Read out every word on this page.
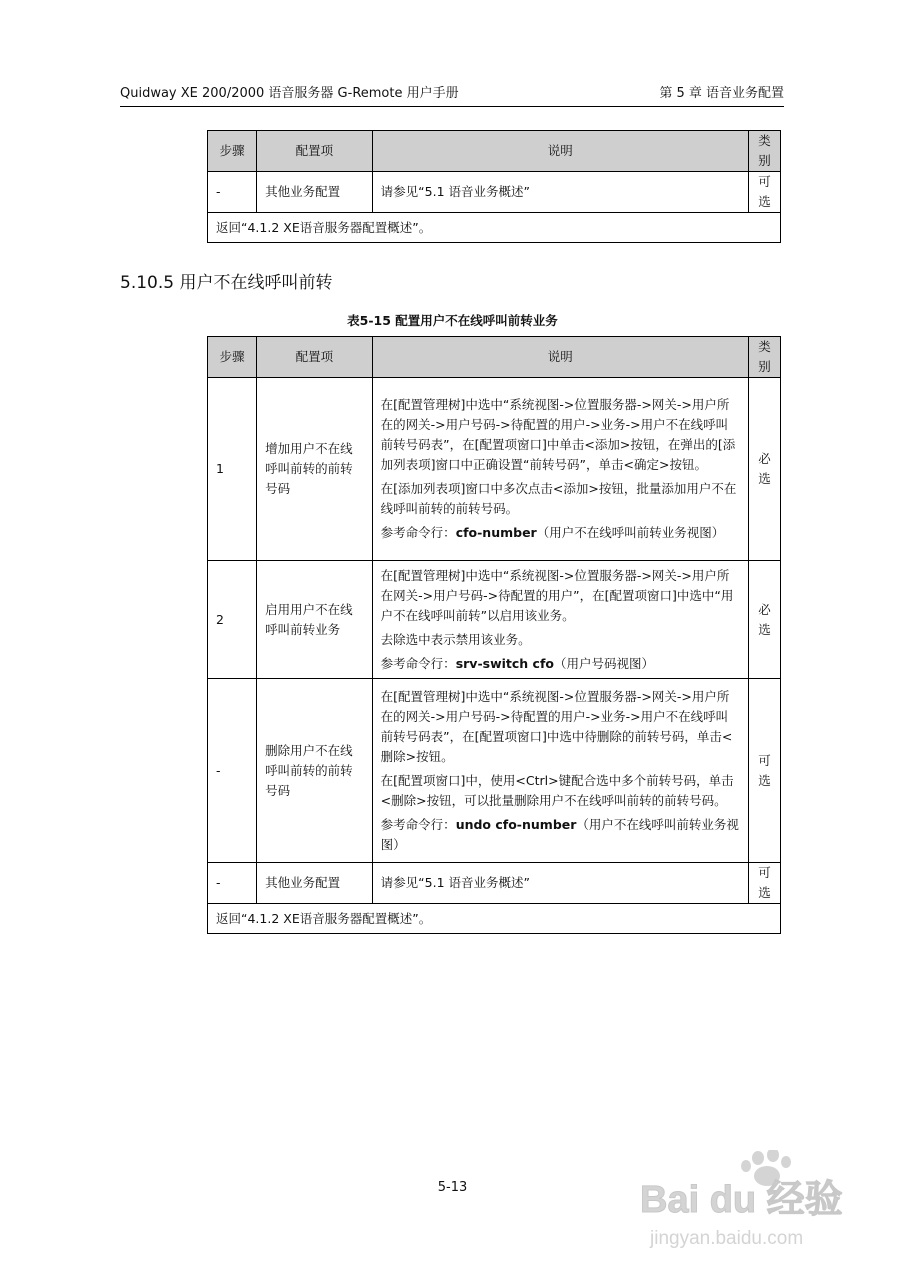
Quidway XE 200/2000 语音服务器 G-Remote 用户手册	第 5 章 语音业务配置
步骤	配置项	说明	类别
-	其他业务配置	请参见“5.1 语音业务概述”	可选
返回“4.1.2 XE语音服务器配置概述”。			
5.10.5 用户不在线呼叫前转
表5-15 配置用户不在线呼叫前转业务
步骤	配置项	说明	类别
1	增加用户不在线呼叫前转的前转号码	在[配置管理树]中选中“系统视图->位置服务器->网关->用户所在的网关->用户号码->待配置的用户->业务->用户不在线呼叫前转号码表”，在[配置项窗口]中单击<添加>按钮，在弹出的[添加列表项]窗口中正确设置“前转号码”，单击<确定>按钮。

在[添加列表项]窗口中多次点击<添加>按钮，批量添加用户不在线呼叫前转的前转号码。

参考命令行：cfo-number（用户不在线呼叫前转业务视图）	必选
2	启用用户不在线呼叫前转业务	在[配置管理树]中选中“系统视图->位置服务器->网关->用户所在网关->用户号码->待配置的用户”，在[配置项窗口]中选中“用户不在线呼叫前转”以启用该业务。

去除选中表示禁用该业务。

参考命令行：srv-switch cfo（用户号码视图）	必选
-	删除用户不在线呼叫前转的前转号码	在[配置管理树]中选中“系统视图->位置服务器->网关->用户所在的网关->用户号码->待配置的用户->业务->用户不在线呼叫前转号码表”，在[配置项窗口]中选中待删除的前转号码，单击<删除>按钮。

在[配置项窗口]中，使用<Ctrl>键配合选中多个前转号码，单击<删除>按钮，可以批量删除用户不在线呼叫前转的前转号码。

参考命令行：undo cfo-number（用户不在线呼叫前转业务视图）	可选
-	其他业务配置	请参见“5.1 语音业务概述”	可选
返回“4.1.2 XE语音服务器配置概述”。			
5-13	Bai du 经验
jingyan.baidu.com
